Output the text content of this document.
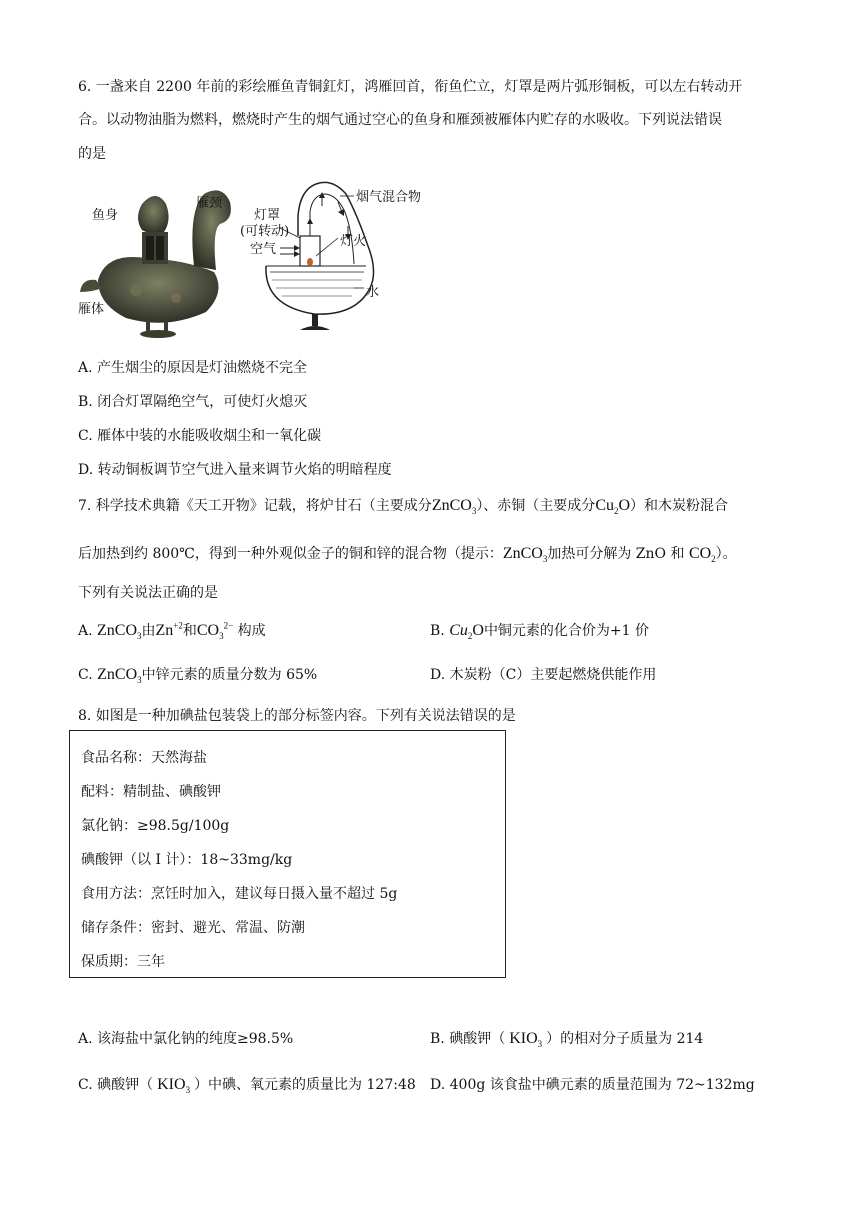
6. 一盏来自 2200 年前的彩绘雁鱼青铜釭灯，鸿雁回首，衔鱼伫立，灯罩是两片弧形铜板，可以左右转动开
合。以动物油脂为燃料，燃烧时产生的烟气通过空心的鱼身和雁颈被雁体内贮存的水吸收。下列说法错误
的是
鱼身
雁颈
雁体
烟气混合物
灯罩
(可转动)
空气
灯火
水
A. 产生烟尘的原因是灯油燃烧不完全
B. 闭合灯罩隔绝空气，可使灯火熄灭
C. 雁体中装的水能吸收烟尘和一氧化碳
D. 转动铜板调节空气进入量来调节火焰的明暗程度
7. 科学技术典籍《天工开物》记载，将炉甘石（主要成分ZnCO$_3$）、赤铜（主要成分$Cu_2O$）和木炭粉混合
后加热到约 800℃，得到一种外观似金子的铜和锌的混合物（提示：ZnCO$_3$加热可分解为 ZnO 和 $CO_2$）。
下列有关说法正确的是
A. ZnCO$_3$由$Zn^{+2}$和$CO_3^{2-}$ 构成	B. $Cu_2O$中铜元素的化合价为+1 价
C. ZnCO$_3$中锌元素的质量分数为 65%	D. 木炭粉（C）主要起燃烧供能作用
8. 如图是一种加碘盐包装袋上的部分标签内容。下列有关说法错误的是
食品名称：天然海盐
配料：精制盐、碘酸钾
氯化钠：≥98.5g/100g
碘酸钾（以 I 计）：18~33mg/kg
食用方法：烹饪时加入，建议每日摄入量不超过 5g
储存条件：密封、避光、常温、防潮
保质期：三年
A. 该海盐中氯化钠的纯度≥98.5%	B. 碘酸钾（ $KIO_3$ ）的相对分子质量为 214
C. 碘酸钾（ $KIO_3$ ）中碘、氧元素的质量比为 127:48 D. 400g 该食盐中碘元素的质量范围为 72~132mg
